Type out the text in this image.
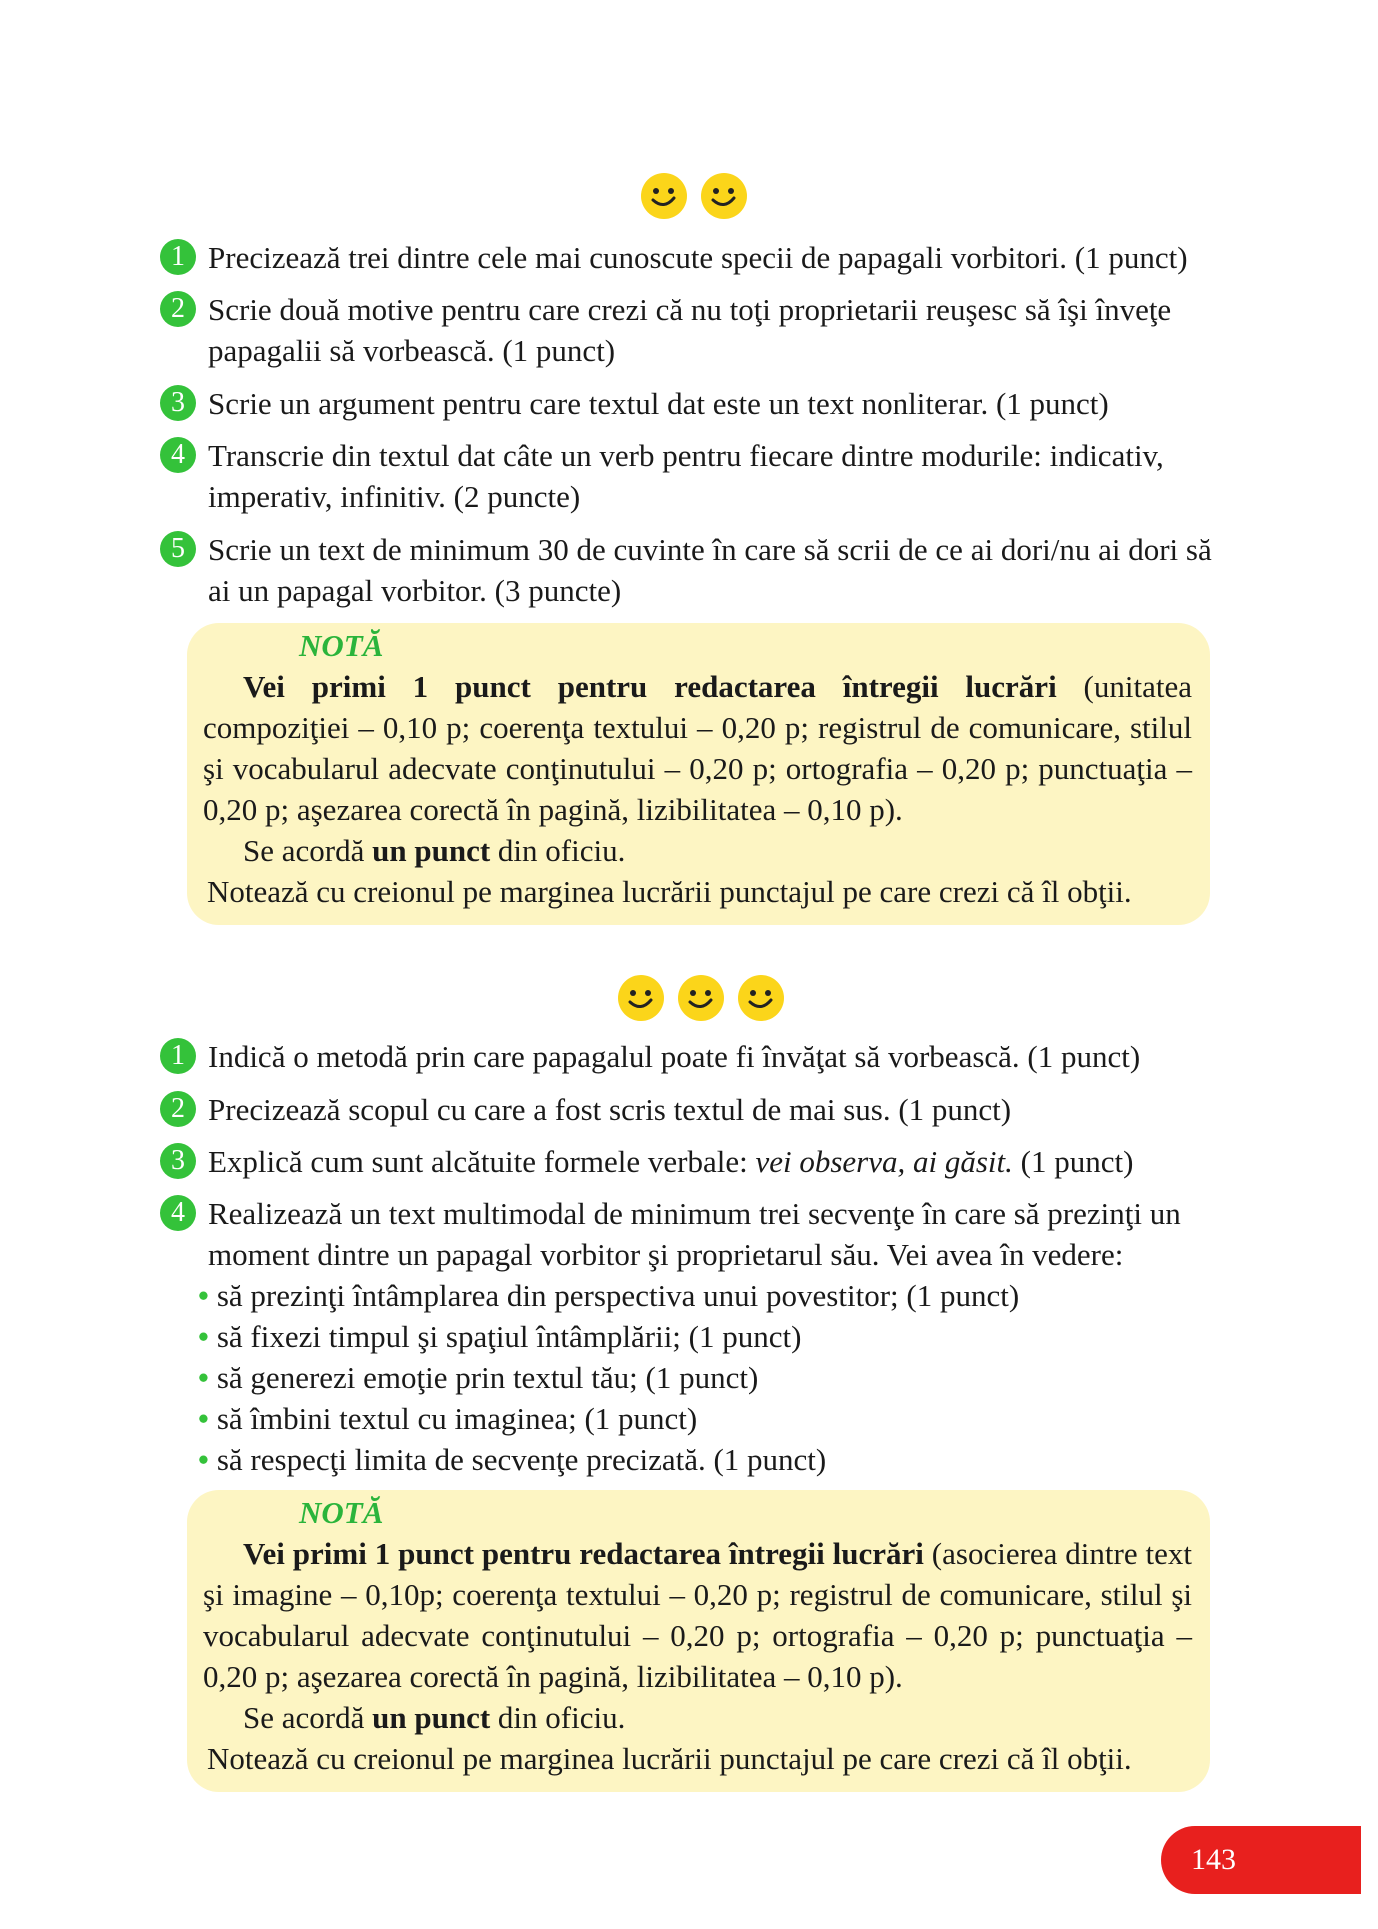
1 Precizează trei dintre cele mai cunoscute specii de papagali vorbitori. (1 punct)
2 Scrie două motive pentru care crezi că nu toţi proprietarii reuşesc să îşi înveţe papagalii să vorbească. (1 punct)
3 Scrie un argument pentru care textul dat este un text nonliterar. (1 punct)
4 Transcrie din textul dat câte un verb pentru fiecare dintre modurile: indicativ, imperativ, infinitiv. (2 puncte)
5 Scrie un text de minimum 30 de cuvinte în care să scrii de ce ai dori/nu ai dori să ai un papagal vorbitor. (3 puncte)
NOTĂ

Vei primi 1 punct pentru redactarea întregii lucrări (unitatea compoziţiei – 0,10 p; coerenţa textului – 0,20 p; registrul de comunicare, stilul şi vocabularul adecvate conţinutului – 0,20 p; ortografia – 0,20 p; punctuaţia – 0,20 p; aşezarea corectă în pagină, lizibilitatea – 0,10 p).

Se acordă un punct din oficiu.

Notează cu creionul pe marginea lucrării punctajul pe care crezi că îl obţii.

1 Indică o metodă prin care papagalul poate fi învăţat să vorbească. (1 punct)
2 Precizează scopul cu care a fost scris textul de mai sus. (1 punct)
3 Explică cum sunt alcătuite formele verbale: vei observa, ai găsit. (1 punct)
4 Realizează un text multimodal de minimum trei secvenţe în care să prezinţi un moment dintre un papagal vorbitor şi proprietarul său. Vei avea în vedere:
• să prezinţi întâmplarea din perspectiva unui povestitor; (1 punct)
• să fixezi timpul şi spaţiul întâmplării; (1 punct)
• să generezi emoţie prin textul tău; (1 punct)
• să îmbini textul cu imaginea; (1 punct)
• să respecţi limita de secvenţe precizată. (1 punct)
NOTĂ

Vei primi 1 punct pentru redactarea întregii lucrări (asocierea dintre text şi imagine – 0,10p; coerenţa textului – 0,20 p; registrul de comunicare, stilul şi vocabularul adecvate conţinutului – 0,20 p; ortografia – 0,20 p; punctuaţia – 0,20 p; aşezarea corectă în pagină, lizibilitatea – 0,10 p).

Se acordă un punct din oficiu.

Notează cu creionul pe marginea lucrării punctajul pe care crezi că îl obţii.

143
